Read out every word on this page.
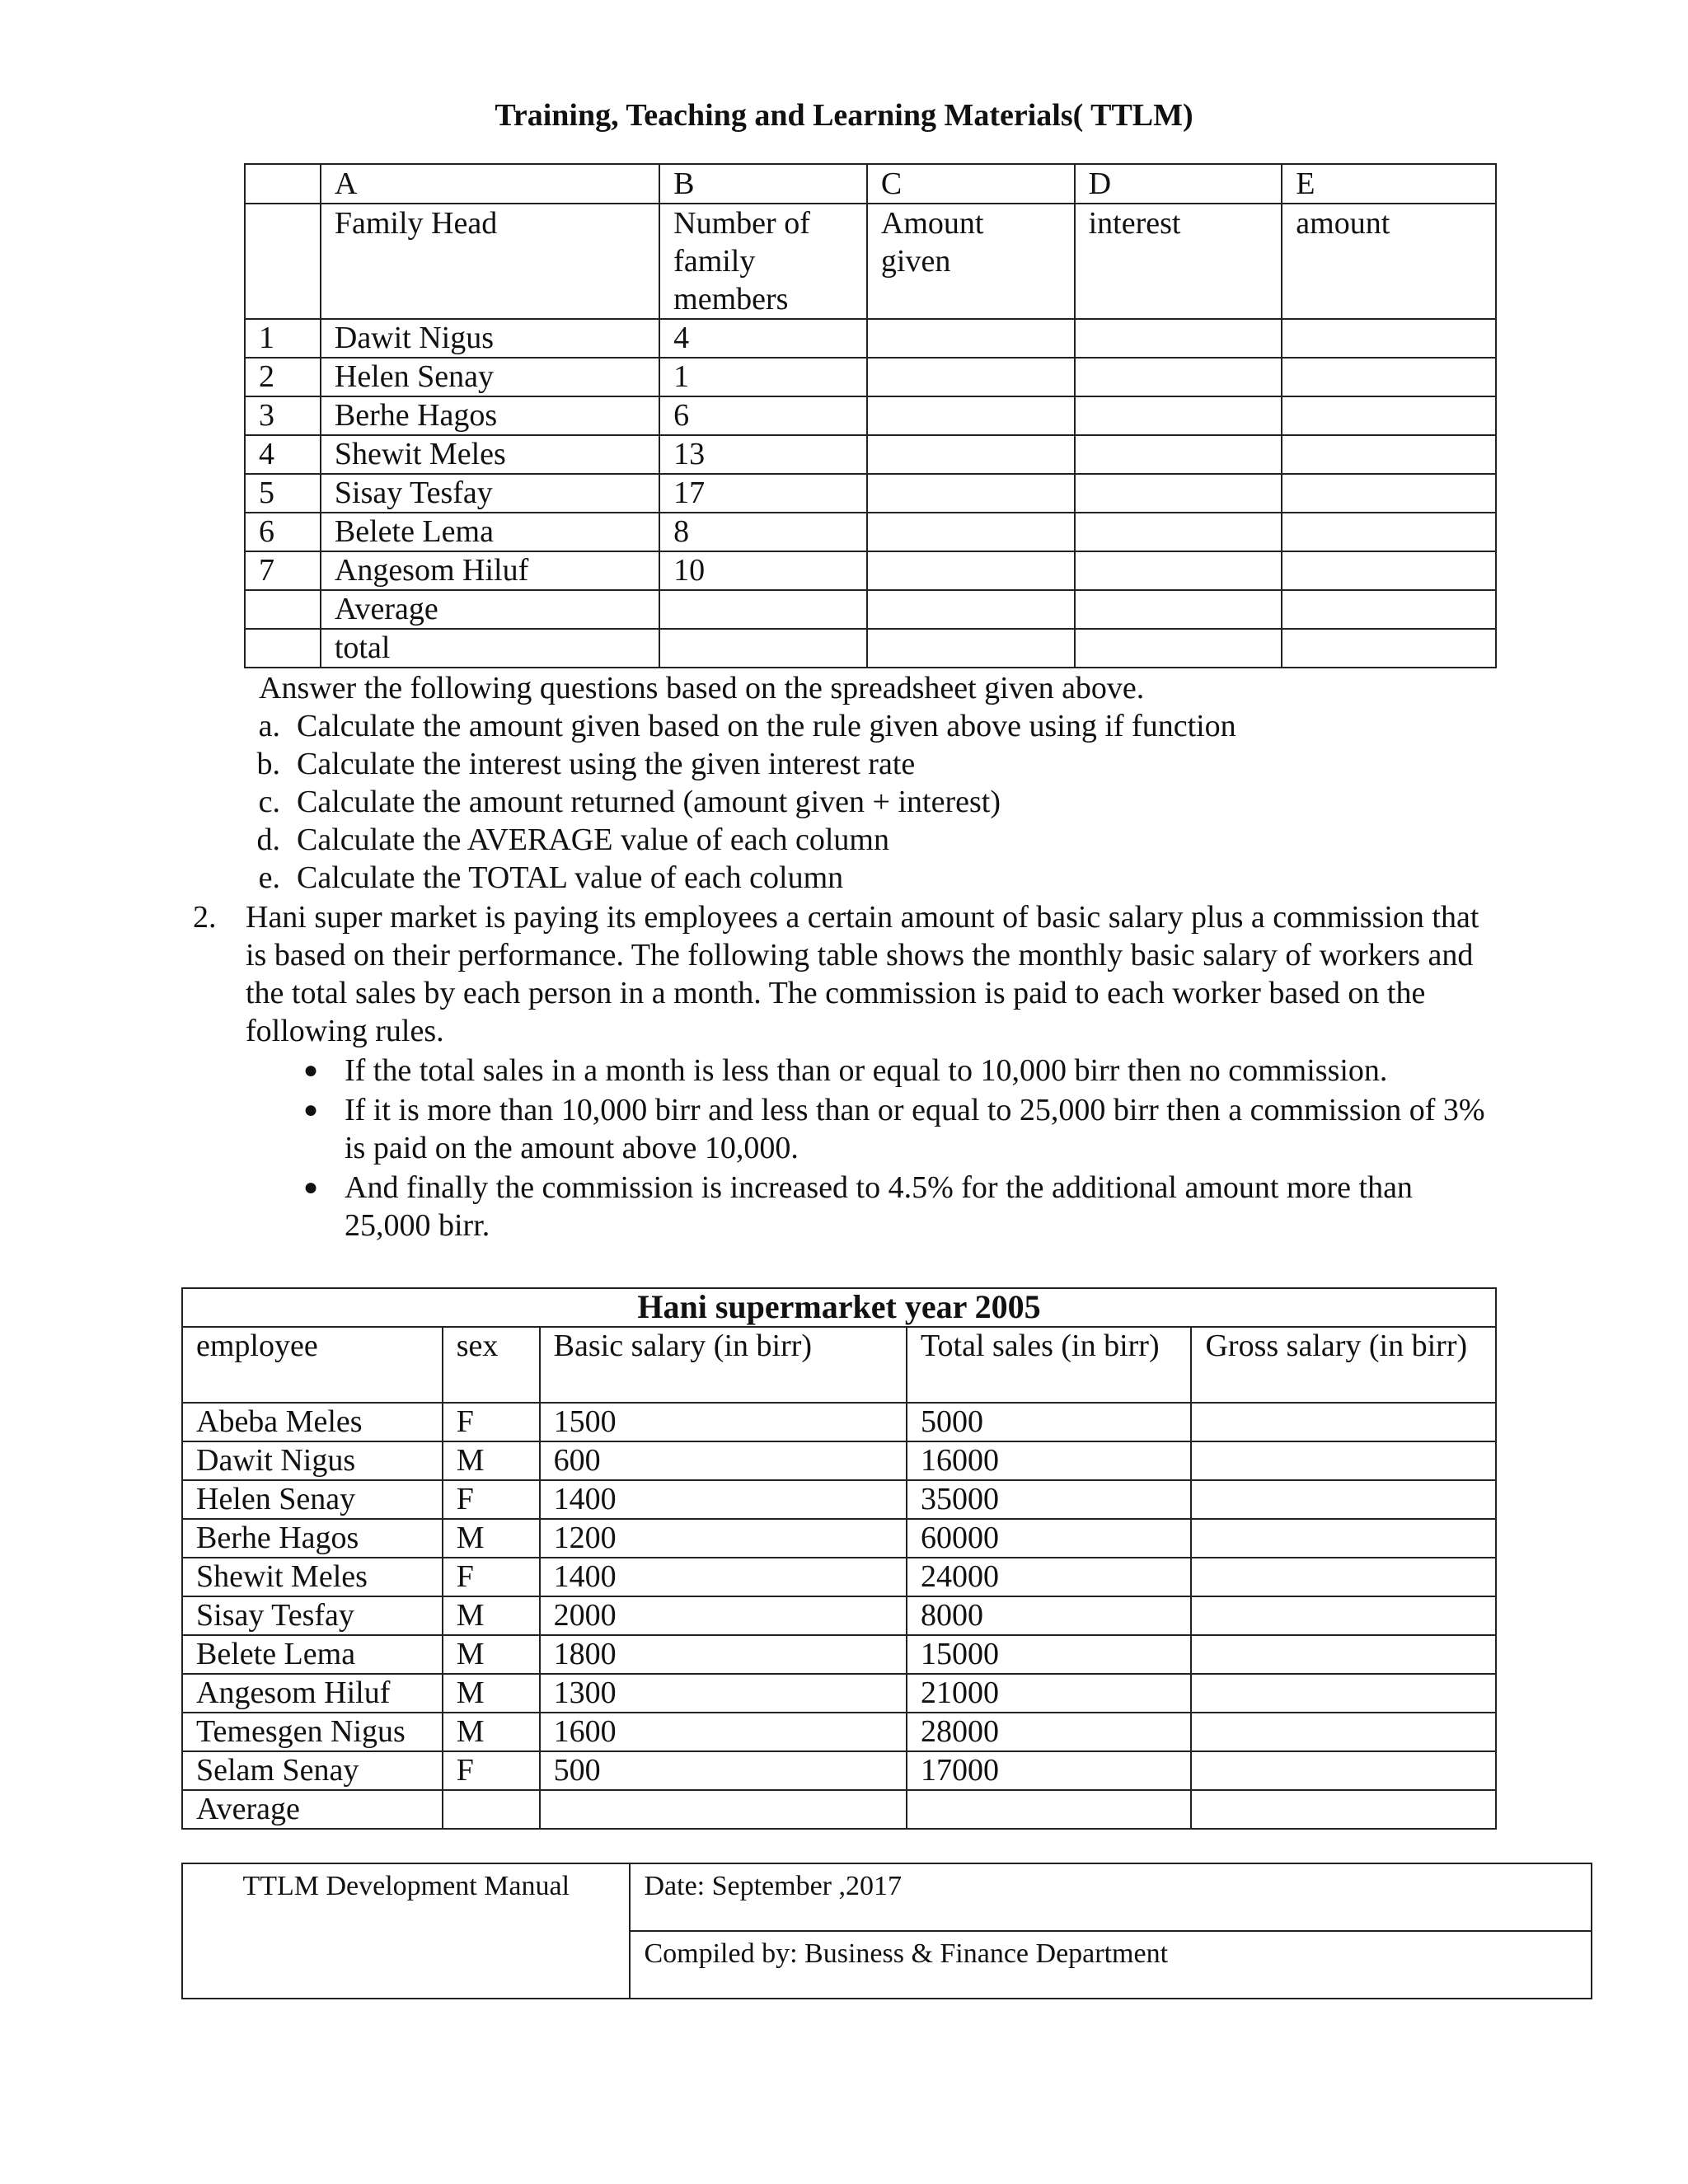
Training, Teaching and Learning Materials( TTLM)
	A	B	C	D	E
	Family Head	Number of family members	Amount given	interest	amount
1	Dawit Nigus	4			
2	Helen Senay	1			
3	Berhe Hagos	6			
4	Shewit Meles	13			
5	Sisay Tesfay	17			
6	Belete Lema	8			
7	Angesom Hiluf	10			
	Average				
	total				
Answer the following questions based on the spreadsheet given above.
a. Calculate the amount given based on the rule given above using if function
b. Calculate the interest using the given interest rate
c. Calculate the amount returned (amount given + interest)
d. Calculate the AVERAGE value of each column
e. Calculate the TOTAL value of each column
2. Hani super market is paying its employees a certain amount of basic salary plus a commission that is based on their performance. The following table shows the monthly basic salary of workers and the total sales by each person in a month. The commission is paid to each worker based on the following rules.
● If the total sales in a month is less than or equal to 10,000 birr then no commission.
● If it is more than 10,000 birr and less than or equal to 25,000 birr then a commission of 3% is paid on the amount above 10,000.
● And finally the commission is increased to 4.5% for the additional amount more than 25,000 birr.
Hani supermarket year 2005				
employee	sex	Basic salary (in birr)	Total sales (in birr)	Gross salary (in birr)
Abeba Meles	F	1500	5000	
Dawit Nigus	M	600	16000	
Helen Senay	F	1400	35000	
Berhe Hagos	M	1200	60000	
Shewit Meles	F	1400	24000	
Sisay Tesfay	M	2000	8000	
Belete Lema	M	1800	15000	
Angesom Hiluf	M	1300	21000	
Temesgen Nigus	M	1600	28000	
Selam Senay	F	500	17000	
Average				
TTLM Development Manual	Date: September ,2017
Compiled by: Business & Finance Department
